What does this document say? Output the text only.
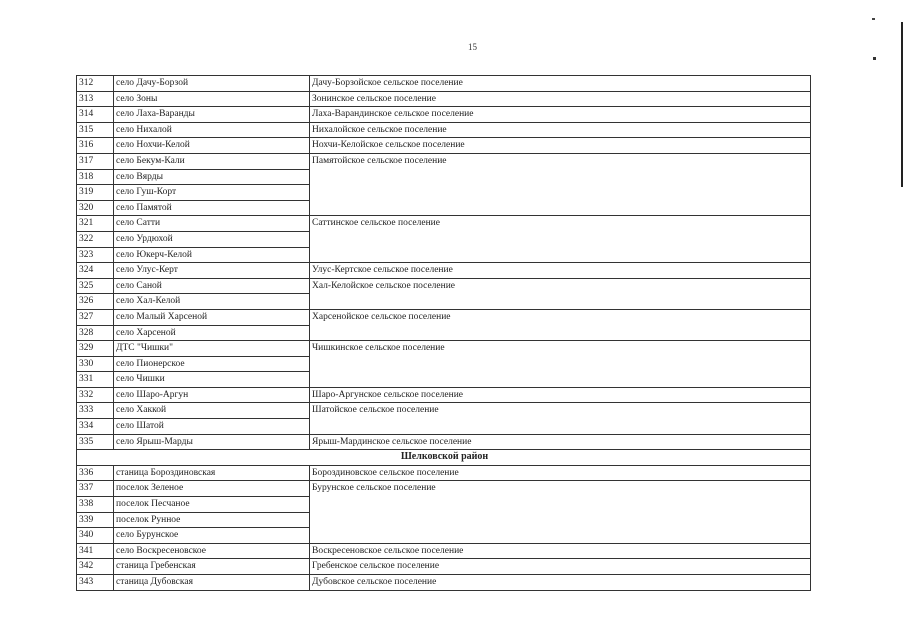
15
312	село Дачу-Борзой	Дачу-Борзойское сельское поселение
313	село Зоны	Зонинское сельское поселение
314	село Лаха-Варанды	Лаха-Варандинское сельское поселение
315	село Нихалой	Нихалойское сельское поселение
316	село Нохчи-Келой	Нохчи-Келойское сельское поселение
317	село Бекум-Кали	Памятойское сельское поселение
318	село Вярды	
319	село Гуш-Корт	
320	село Памятой	
321	село Сатти	Саттинское сельское поселение
322	село Урдюхой	
323	село Юкерч-Келой	
324	село Улус-Керт	Улус-Кертское сельское поселение
325	село Саной	Хал-Келойское сельское поселение
326	село Хал-Келой	
327	село Малый Харсеной	Харсенойское сельское поселение
328	село Харсеной	
329	ДТС "Чишки"	Чишкинское сельское поселение
330	село Пионерское	
331	село Чишки	
332	село Шаро-Аргун	Шаро-Аргунское сельское поселение
333	село Хаккой	Шатойское сельское поселение
334	село Шатой	
335	село Ярыш-Марды	Ярыш-Мардинское сельское поселение
Шелковской район		
336	станица Бороздиновская	Бороздиновское сельское поселение
337	поселок Зеленое	Бурунское сельское поселение
338	поселок Песчаное	
339	поселок Рунное	
340	село Бурунское	
341	село Воскресеновское	Воскресеновское сельское поселение
342	станица Гребенская	Гребенское сельское поселение
343	станица Дубовская	Дубовское сельское поселение
